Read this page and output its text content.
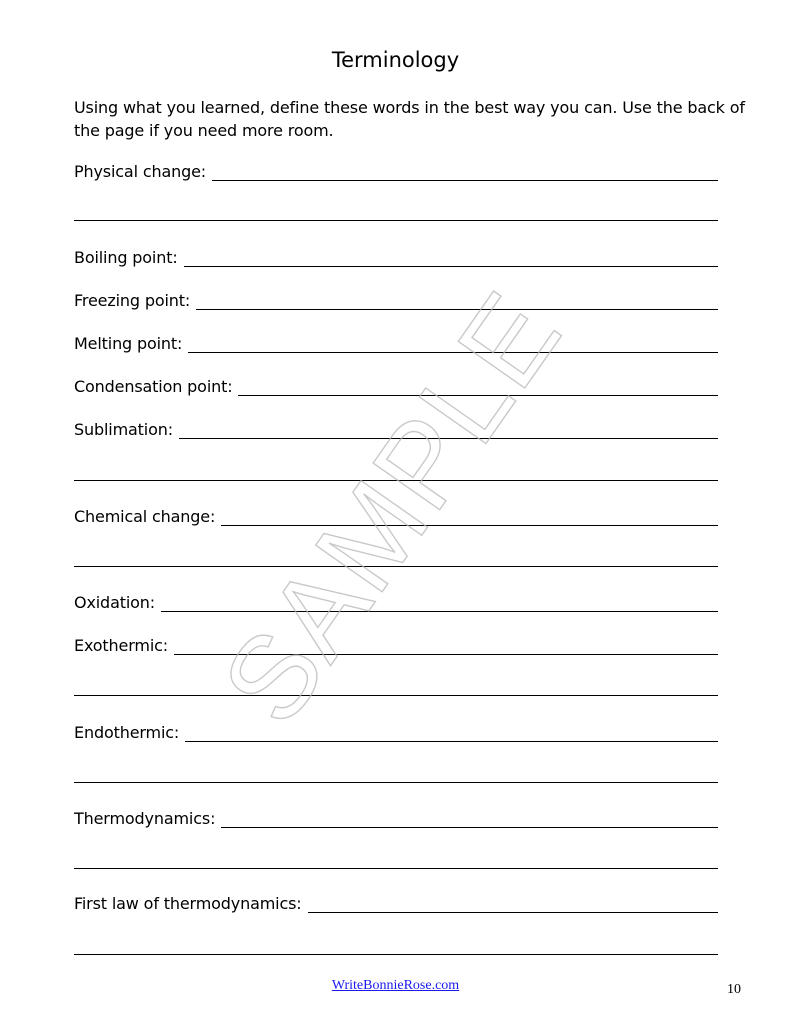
Terminology
Using what you learned, define these words in the best way you can. Use the back of the page if you need more room.
Physical change:
Boiling point:
Freezing point:
Melting point:
Condensation point:
Sublimation:
Chemical change:
Oxidation:
Exothermic:
Endothermic:
Thermodynamics:
First law of thermodynamics:
SAMPLE
WriteBonnieRose.com	10
